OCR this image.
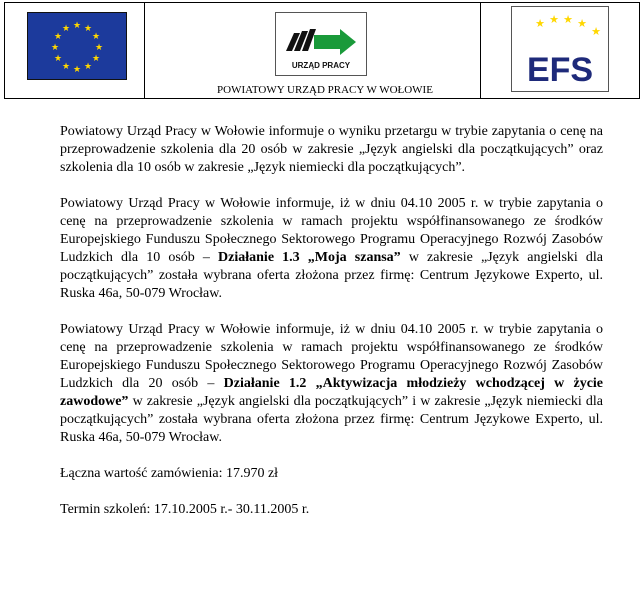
★ ★
★
★
★
★
★
★
★
★
★
★
URZĄD PRACY
★ ★ ★ ★
★
EFS
POWIATOWY URZĄD PRACY W WOŁOWIE

Powiatowy Urząd Pracy w Wołowie informuje o wyniku przetargu w trybie zapytania o cenę na przeprowadzenie szkolenia dla 20 osób w zakresie „Język angielski dla początkujących” oraz szkolenia dla 10 osób w zakresie „Język niemiecki dla początkujących”.

Powiatowy Urząd Pracy w Wołowie informuje, iż w dniu 04.10 2005 r. w trybie zapytania o cenę na przeprowadzenie szkolenia w ramach projektu współfinansowanego ze środków Europejskiego Funduszu Społecznego Sektorowego Programu Operacyjnego Rozwój Zasobów Ludzkich dla 10 osób – Działanie 1.3 „Moja szansa” w zakresie „Język angielski dla początkujących” została wybrana oferta złożona przez firmę: Centrum Językowe Experto, ul. Ruska 46a, 50-079 Wrocław.

Powiatowy Urząd Pracy w Wołowie informuje, iż w dniu 04.10 2005 r. w trybie zapytania o cenę na przeprowadzenie szkolenia w ramach projektu współfinansowanego ze środków Europejskiego Funduszu Społecznego Sektorowego Programu Operacyjnego Rozwój Zasobów Ludzkich dla 20 osób – Działanie 1.2 „Aktywizacja młodzieży wchodzącej w życie zawodowe” w zakresie „Język angielski dla początkujących” i w zakresie „Język niemiecki dla początkujących” została wybrana oferta złożona przez firmę: Centrum Językowe Experto, ul. Ruska 46a, 50-079 Wrocław.

Łączna wartość zamówienia: 17.970 zł

Termin szkoleń: 17.10.2005 r.- 30.11.2005 r.
